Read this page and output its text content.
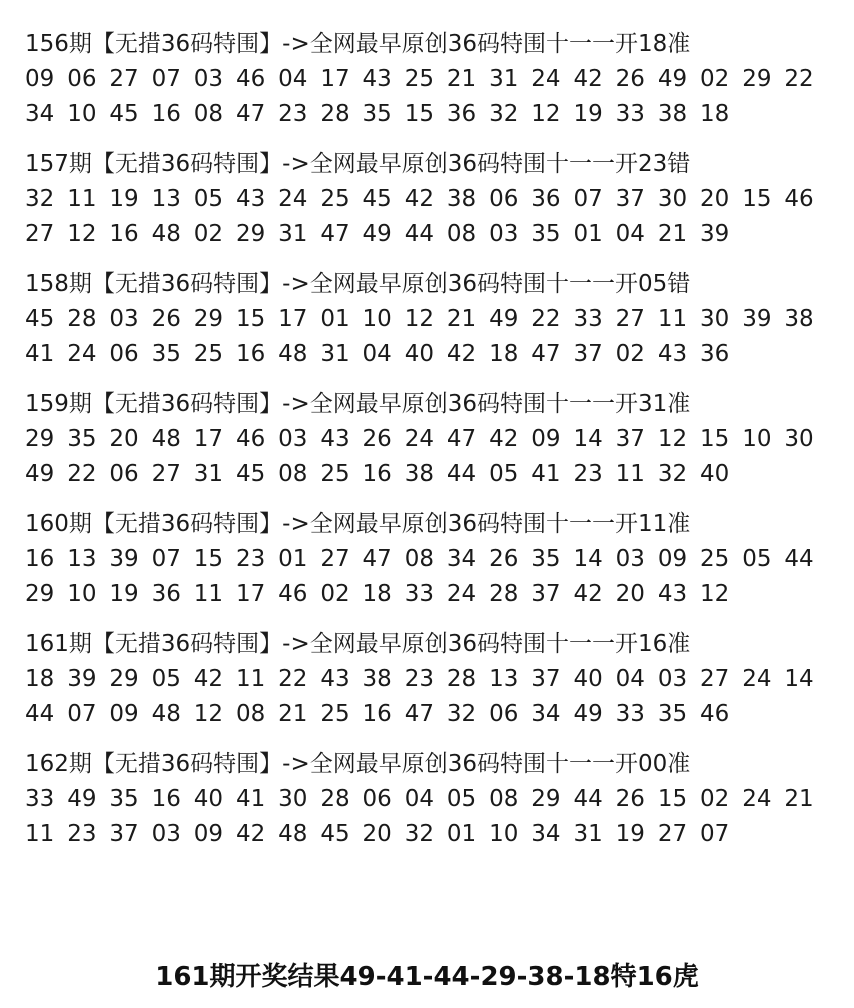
156期【无措36码特围】->全网最早原创36码特围十一一开18准
09 06 27 07 03 46 04 17 43 25 21 31 24 42 26 49 02 29 22
34 10 45 16 08 47 23 28 35 15 36 32 12 19 33 38 18
157期【无措36码特围】->全网最早原创36码特围十一一开23错
32 11 19 13 05 43 24 25 45 42 38 06 36 07 37 30 20 15 46
27 12 16 48 02 29 31 47 49 44 08 03 35 01 04 21 39
158期【无措36码特围】->全网最早原创36码特围十一一开05错
45 28 03 26 29 15 17 01 10 12 21 49 22 33 27 11 30 39 38
41 24 06 35 25 16 48 31 04 40 42 18 47 37 02 43 36
159期【无措36码特围】->全网最早原创36码特围十一一开31准
29 35 20 48 17 46 03 43 26 24 47 42 09 14 37 12 15 10 30
49 22 06 27 31 45 08 25 16 38 44 05 41 23 11 32 40
160期【无措36码特围】->全网最早原创36码特围十一一开11准
16 13 39 07 15 23 01 27 47 08 34 26 35 14 03 09 25 05 44
29 10 19 36 11 17 46 02 18 33 24 28 37 42 20 43 12
161期【无措36码特围】->全网最早原创36码特围十一一开16准
18 39 29 05 42 11 22 43 38 23 28 13 37 40 04 03 27 24 14
44 07 09 48 12 08 21 25 16 47 32 06 34 49 33 35 46
162期【无措36码特围】->全网最早原创36码特围十一一开00准
33 49 35 16 40 41 30 28 06 04 05 08 29 44 26 15 02 24 21
11 23 37 03 09 42 48 45 20 32 01 10 34 31 19 27 07
161期开奖结果49-41-44-29-38-18特16虎
